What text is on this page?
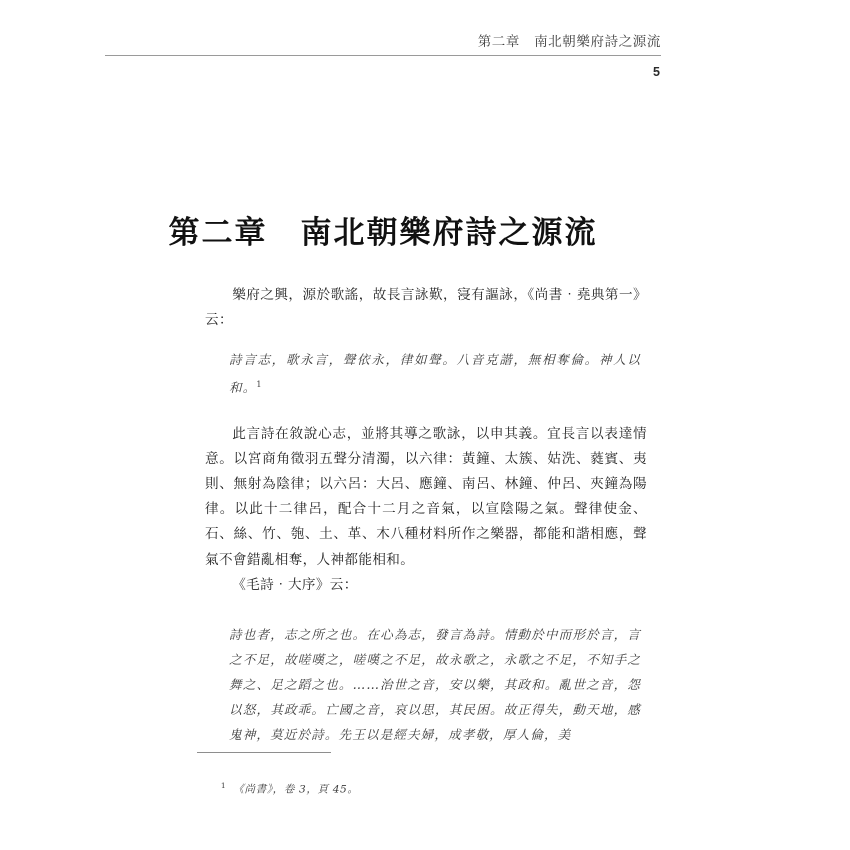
第二章　南北朝樂府詩之源流
5
第二章　南北朝樂府詩之源流

樂府之興，源於歌謠，故長言詠歎，寖有謳詠，《尚書‧堯典第一》云：

詩言志，歌永言，聲依永，律如聲。八音克諧，無相奪倫。神人以和。$^1$

此言詩在敘說心志，並將其導之歌詠，以申其義。宜長言以表達情意。以宮商角徵羽五聲分清濁，以六律：黃鐘、太簇、姑洗、蕤賓、夷則、無射為陰律；以六呂：大呂、應鐘、南呂、林鐘、仲呂、夾鐘為陽律。以此十二律呂，配合十二月之音氣，以宣陰陽之氣。聲律使金、石、絲、竹、匏、土、革、木八種材料所作之樂器，都能和諧相應，聲氣不會錯亂相奪，人神都能相和。

《毛詩‧大序》云：

詩也者，志之所之也。在心為志，發言為詩。情動於中而形於言，言之不足，故嗟嘆之，嗟嘆之不足，故永歌之，永歌之不足，不知手之舞之、足之蹈之也。……治世之音，安以樂，其政和。亂世之音，怨以怒，其政乖。亡國之音，哀以思，其民困。故正得失，動天地，感鬼神，莫近於詩。先王以是經夫婦，成孝敬，厚人倫，美

$^1$ 《尚書》，卷 3，頁 45。
